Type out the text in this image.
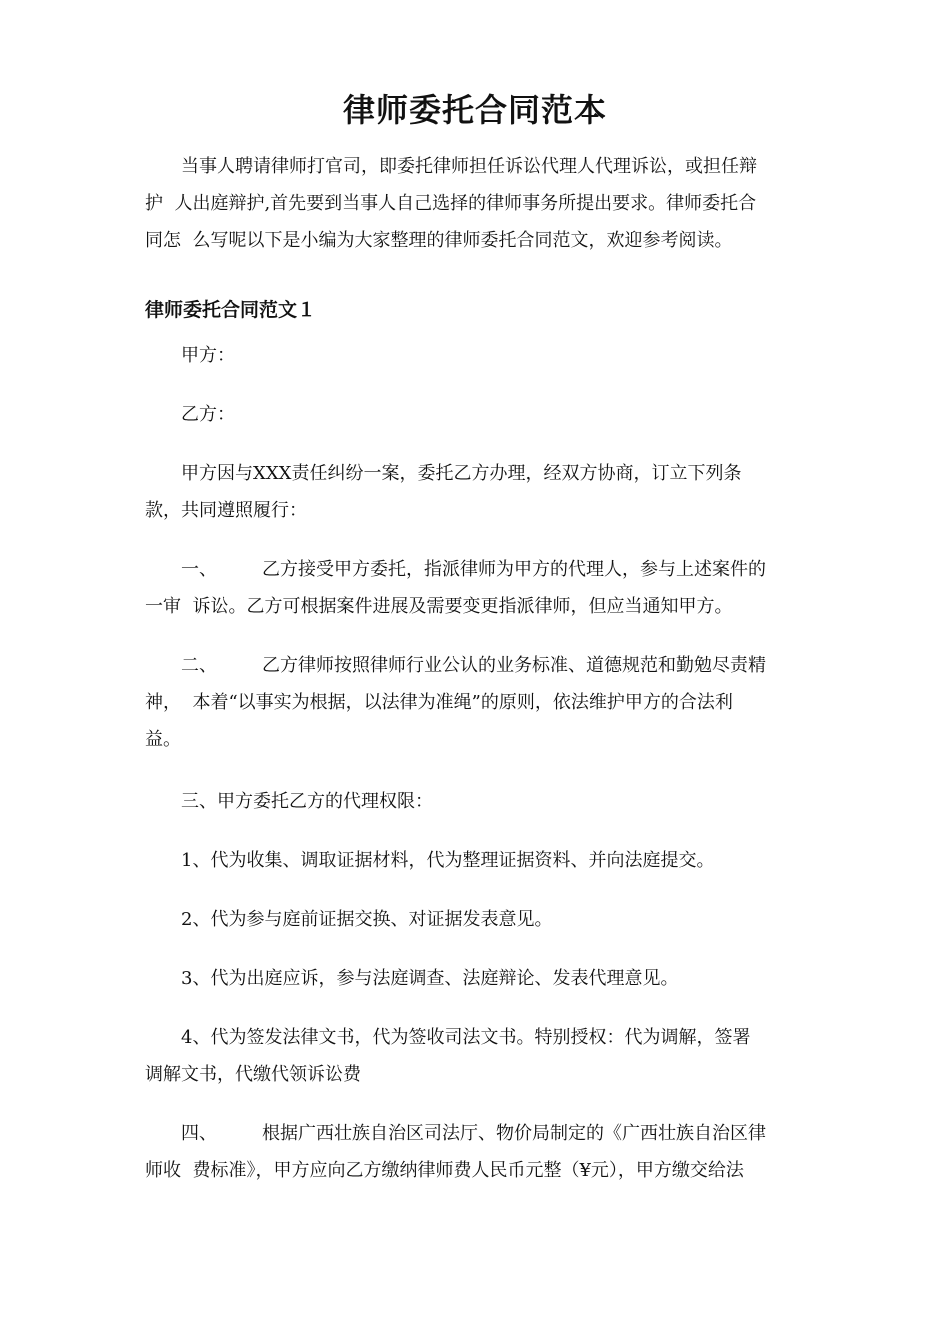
律师委托合同范本
　　当事人聘请律师打官司，即委托律师担任诉讼代理人代理诉讼，或担任辩
护  人出庭辩护,首先要到当事人自己选择的律师事务所提出要求。律师委托合
同怎  么写呢以下是小编为大家整理的律师委托合同范文，欢迎参考阅读。
律师委托合同范文１
　　甲方：
　　乙方：
　　甲方因与XXX责任纠纷一案，委托乙方办理，经双方协商，订立下列条
款，共同遵照履行：
　　一、　　　乙方接受甲方委托，指派律师为甲方的代理人，参与上述案件的
一审  诉讼。乙方可根据案件进展及需要变更指派律师，但应当通知甲方。
　　二、　　　乙方律师按照律师行业公认的业务标准、道德规范和勤勉尽责精
神，  本着“以事实为根据，以法律为准绳”的原则，依法维护甲方的合法利
益。
　　三、甲方委托乙方的代理权限：
　　1、代为收集、调取证据材料，代为整理证据资料、并向法庭提交。
　　2、代为参与庭前证据交换、对证据发表意见。
　　3、代为出庭应诉，参与法庭调查、法庭辩论、发表代理意见。
　　4、代为签发法律文书，代为签收司法文书。特别授权：代为调解，签署
调解文书，代缴代领诉讼费
　　四、　　　根据广西壮族自治区司法厅、物价局制定的《广西壮族自治区律
师收  费标准》，甲方应向乙方缴纳律师费人民币元整（¥元），甲方缴交给法
